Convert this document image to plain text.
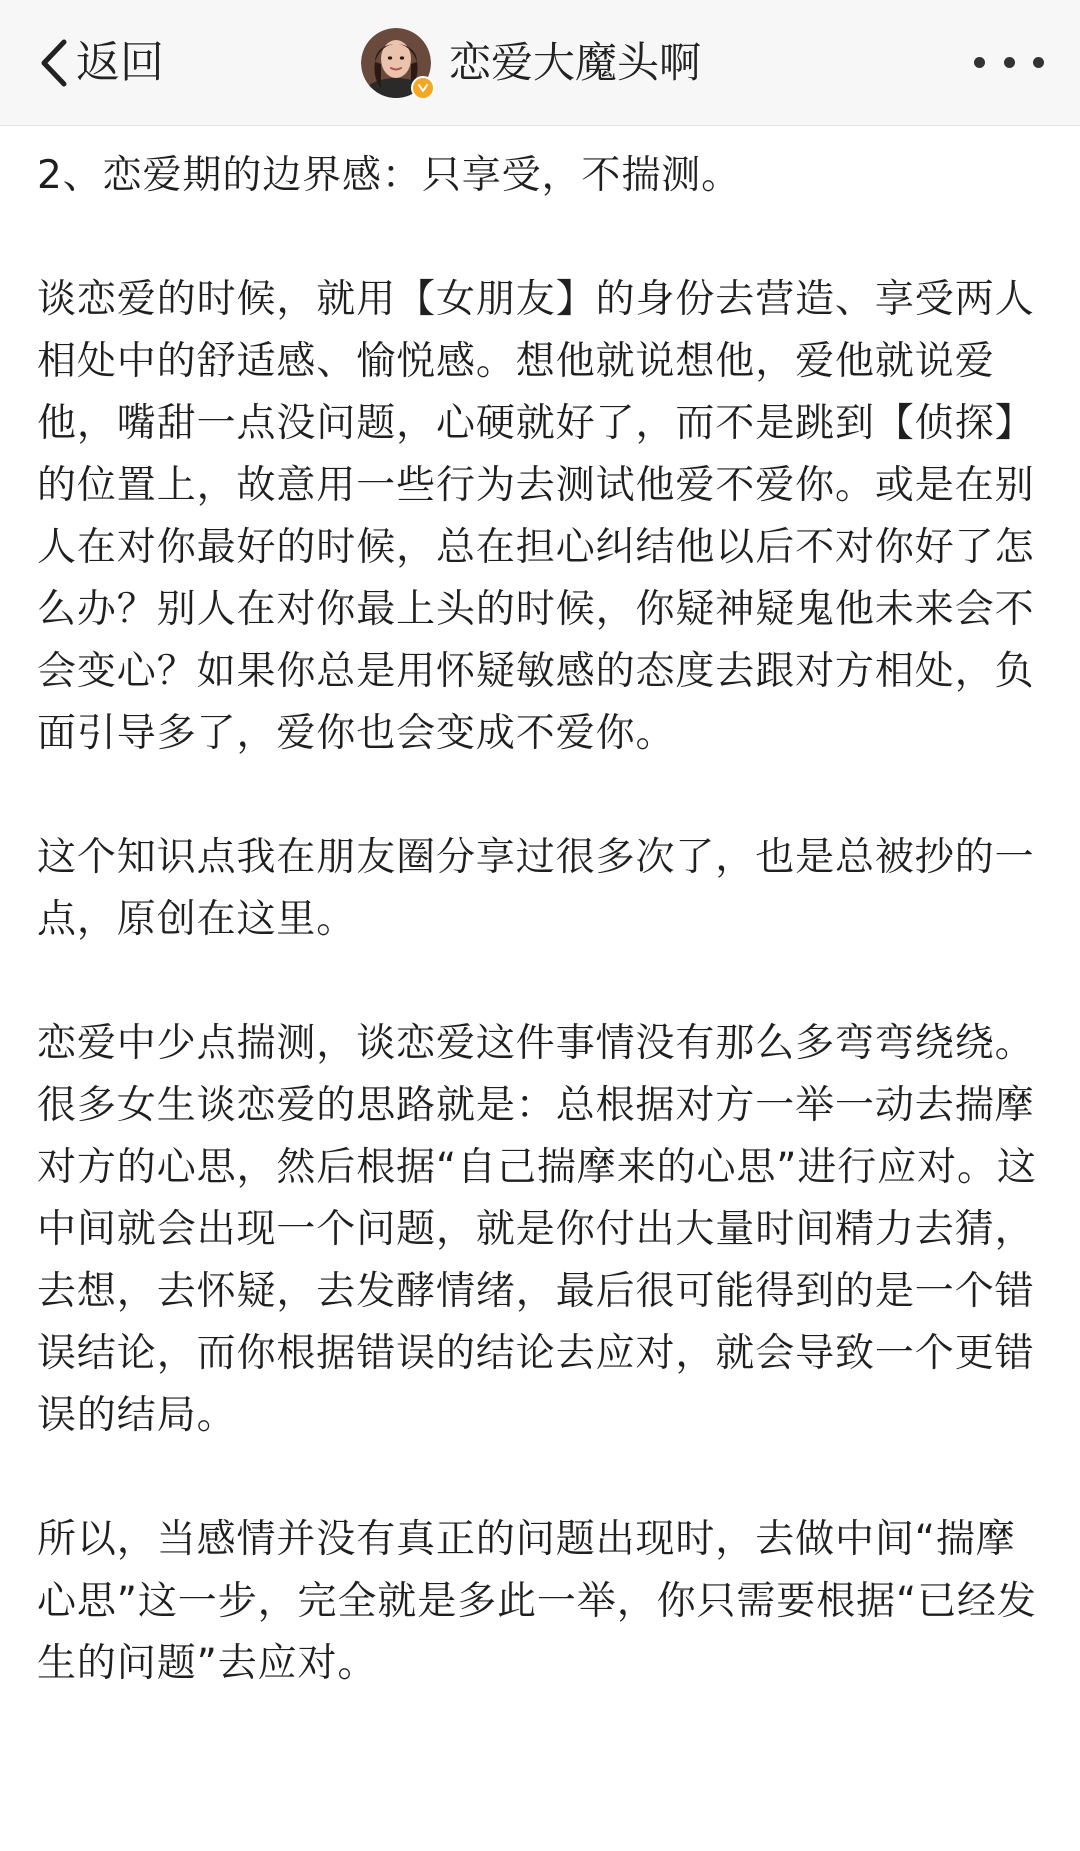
返回	恋爱大魔头啊

2、恋爱期的边界感：只享受，不揣测。

谈恋爱的时候，就用【女朋友】的身份去营造、享受两人相处中的舒适感、愉悦感。想他就说想他，爱他就说爱他，嘴甜一点没问题，心硬就好了，而不是跳到【侦探】的位置上，故意用一些行为去测试他爱不爱你。或是在别人在对你最好的时候，总在担心纠结他以后不对你好了怎么办？别人在对你最上头的时候，你疑神疑鬼他未来会不会变心？如果你总是用怀疑敏感的态度去跟对方相处，负面引导多了，爱你也会变成不爱你。

这个知识点我在朋友圈分享过很多次了，也是总被抄的一点，原创在这里。

恋爱中少点揣测，谈恋爱这件事情没有那么多弯弯绕绕。很多女生谈恋爱的思路就是：总根据对方一举一动去揣摩对方的心思，然后根据“自己揣摩来的心思”进行应对。这中间就会出现一个问题，就是你付出大量时间精力去猜，去想，去怀疑，去发酵情绪，最后很可能得到的是一个错误结论，而你根据错误的结论去应对，就会导致一个更错误的结局。

所以，当感情并没有真正的问题出现时，去做中间“揣摩心思”这一步，完全就是多此一举，你只需要根据“已经发生的问题”去应对。
